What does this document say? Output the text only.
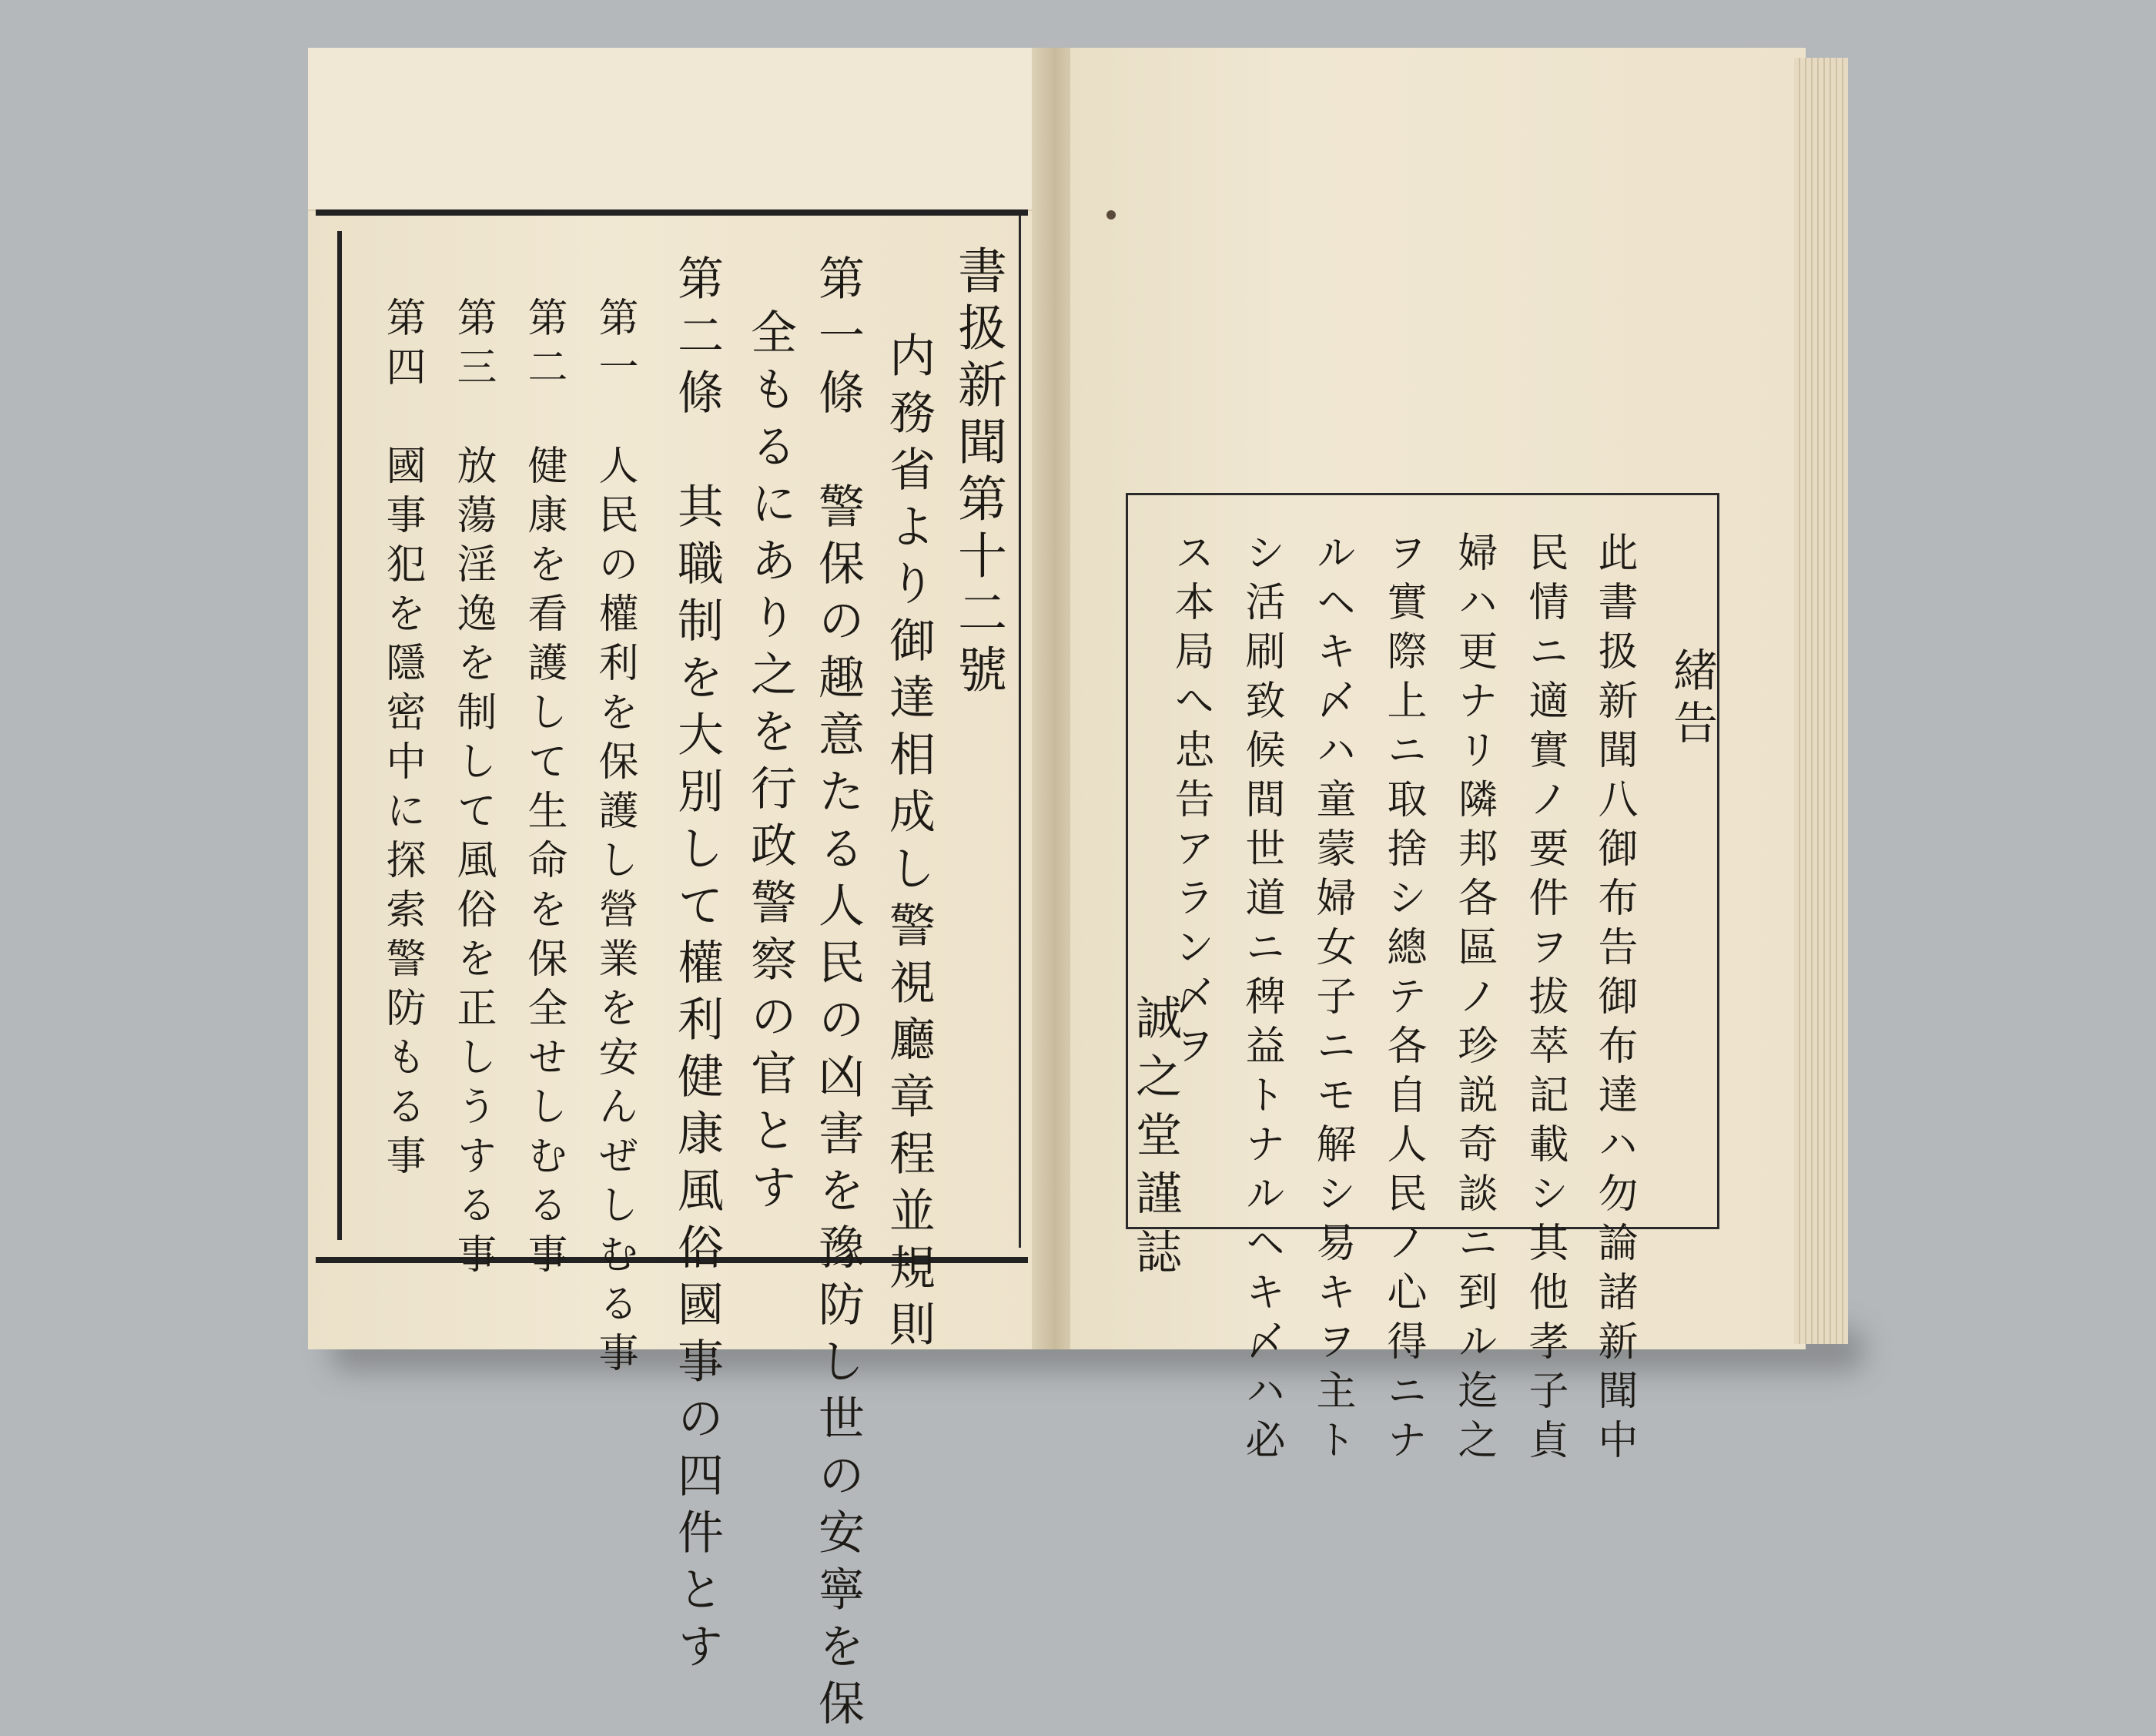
書扱新聞第十二號
内務省より御達相成し警視廳章程並規則
第一條　警保の趣意たる人民の凶害を豫防し世の安寧を保
全もるにあり之を行政警察の官とす
第二條　其職制を大別して權利健康風俗國事の四件とす
第一　人民の權利を保護し營業を安んぜしむる事
第二　健康を看護して生命を保全せしむる事
第三　放蕩淫逸を制して風俗を正しうする事
第四　國事犯を隱密中に探索警防もる事	緒告
此書扱新聞八御布告御布達ハ勿論諸新聞中
民情ニ適實ノ要件ヲ拔萃記載シ其他孝子貞
婦ハ更ナリ隣邦各區ノ珍説奇談ニ到ル迄之
ヲ實際上ニ取捨シ總テ各自人民ノ心得ニナ
ルヘキ〆ハ童蒙婦女子ニモ解シ易キヲ主ト
シ活刷致候間世道ニ稗益トナルヘキ〆ハ必
ス本局へ忠告アラン〆ヲ
誠之堂謹誌
